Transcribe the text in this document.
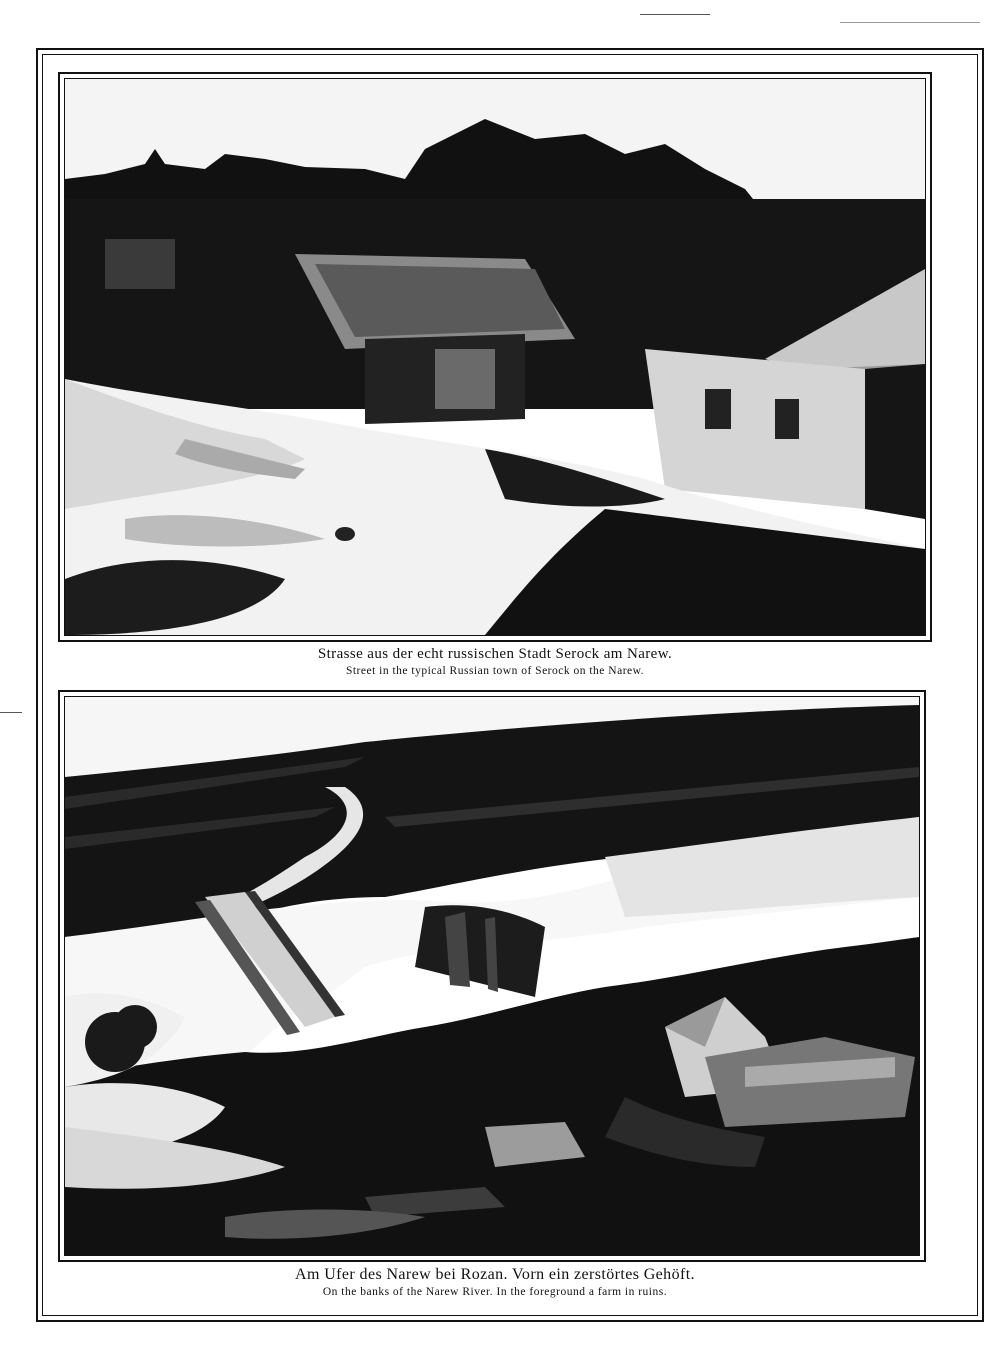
Strasse aus der echt russischen Stadt Serock am Narew.
Street in the typical Russian town of Serock on the Narew.
Am Ufer des Narew bei Rozan. Vorn ein zerstörtes Gehöft.
On the banks of the Narew River. In the foreground a farm in ruins.
